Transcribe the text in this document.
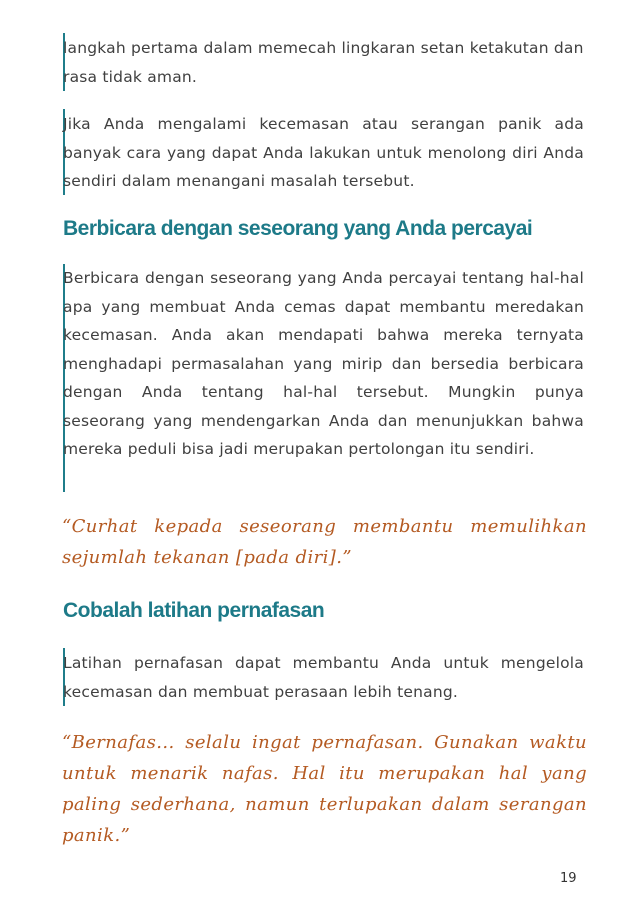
langkah pertama dalam memecah lingkaran setan ketakutan dan rasa tidak aman.

Jika Anda mengalami kecemasan atau serangan panik ada banyak cara yang dapat Anda lakukan untuk menolong diri Anda sendiri dalam menangani masalah tersebut.

Berbicara dengan seseorang yang Anda percayai

Berbicara dengan seseorang yang Anda percayai tentang hal-hal apa yang membuat Anda cemas dapat membantu meredakan kecemasan. Anda akan mendapati bahwa mereka ternyata menghadapi permasalahan yang mirip dan bersedia berbicara dengan Anda tentang hal-hal tersebut. Mungkin punya seseorang yang mendengarkan Anda dan menunjukkan bahwa mereka peduli bisa jadi merupakan pertolongan itu sendiri.

“Curhat kepada seseorang membantu memulihkan sejumlah tekanan [pada diri].”

Cobalah latihan pernafasan

Latihan pernafasan dapat membantu Anda untuk mengelola kecemasan dan membuat perasaan lebih tenang.

“Bernafas... selalu ingat pernafasan. Gunakan waktu untuk menarik nafas. Hal itu merupakan hal yang paling sederhana, namun terlupakan dalam serangan panik.”

19
